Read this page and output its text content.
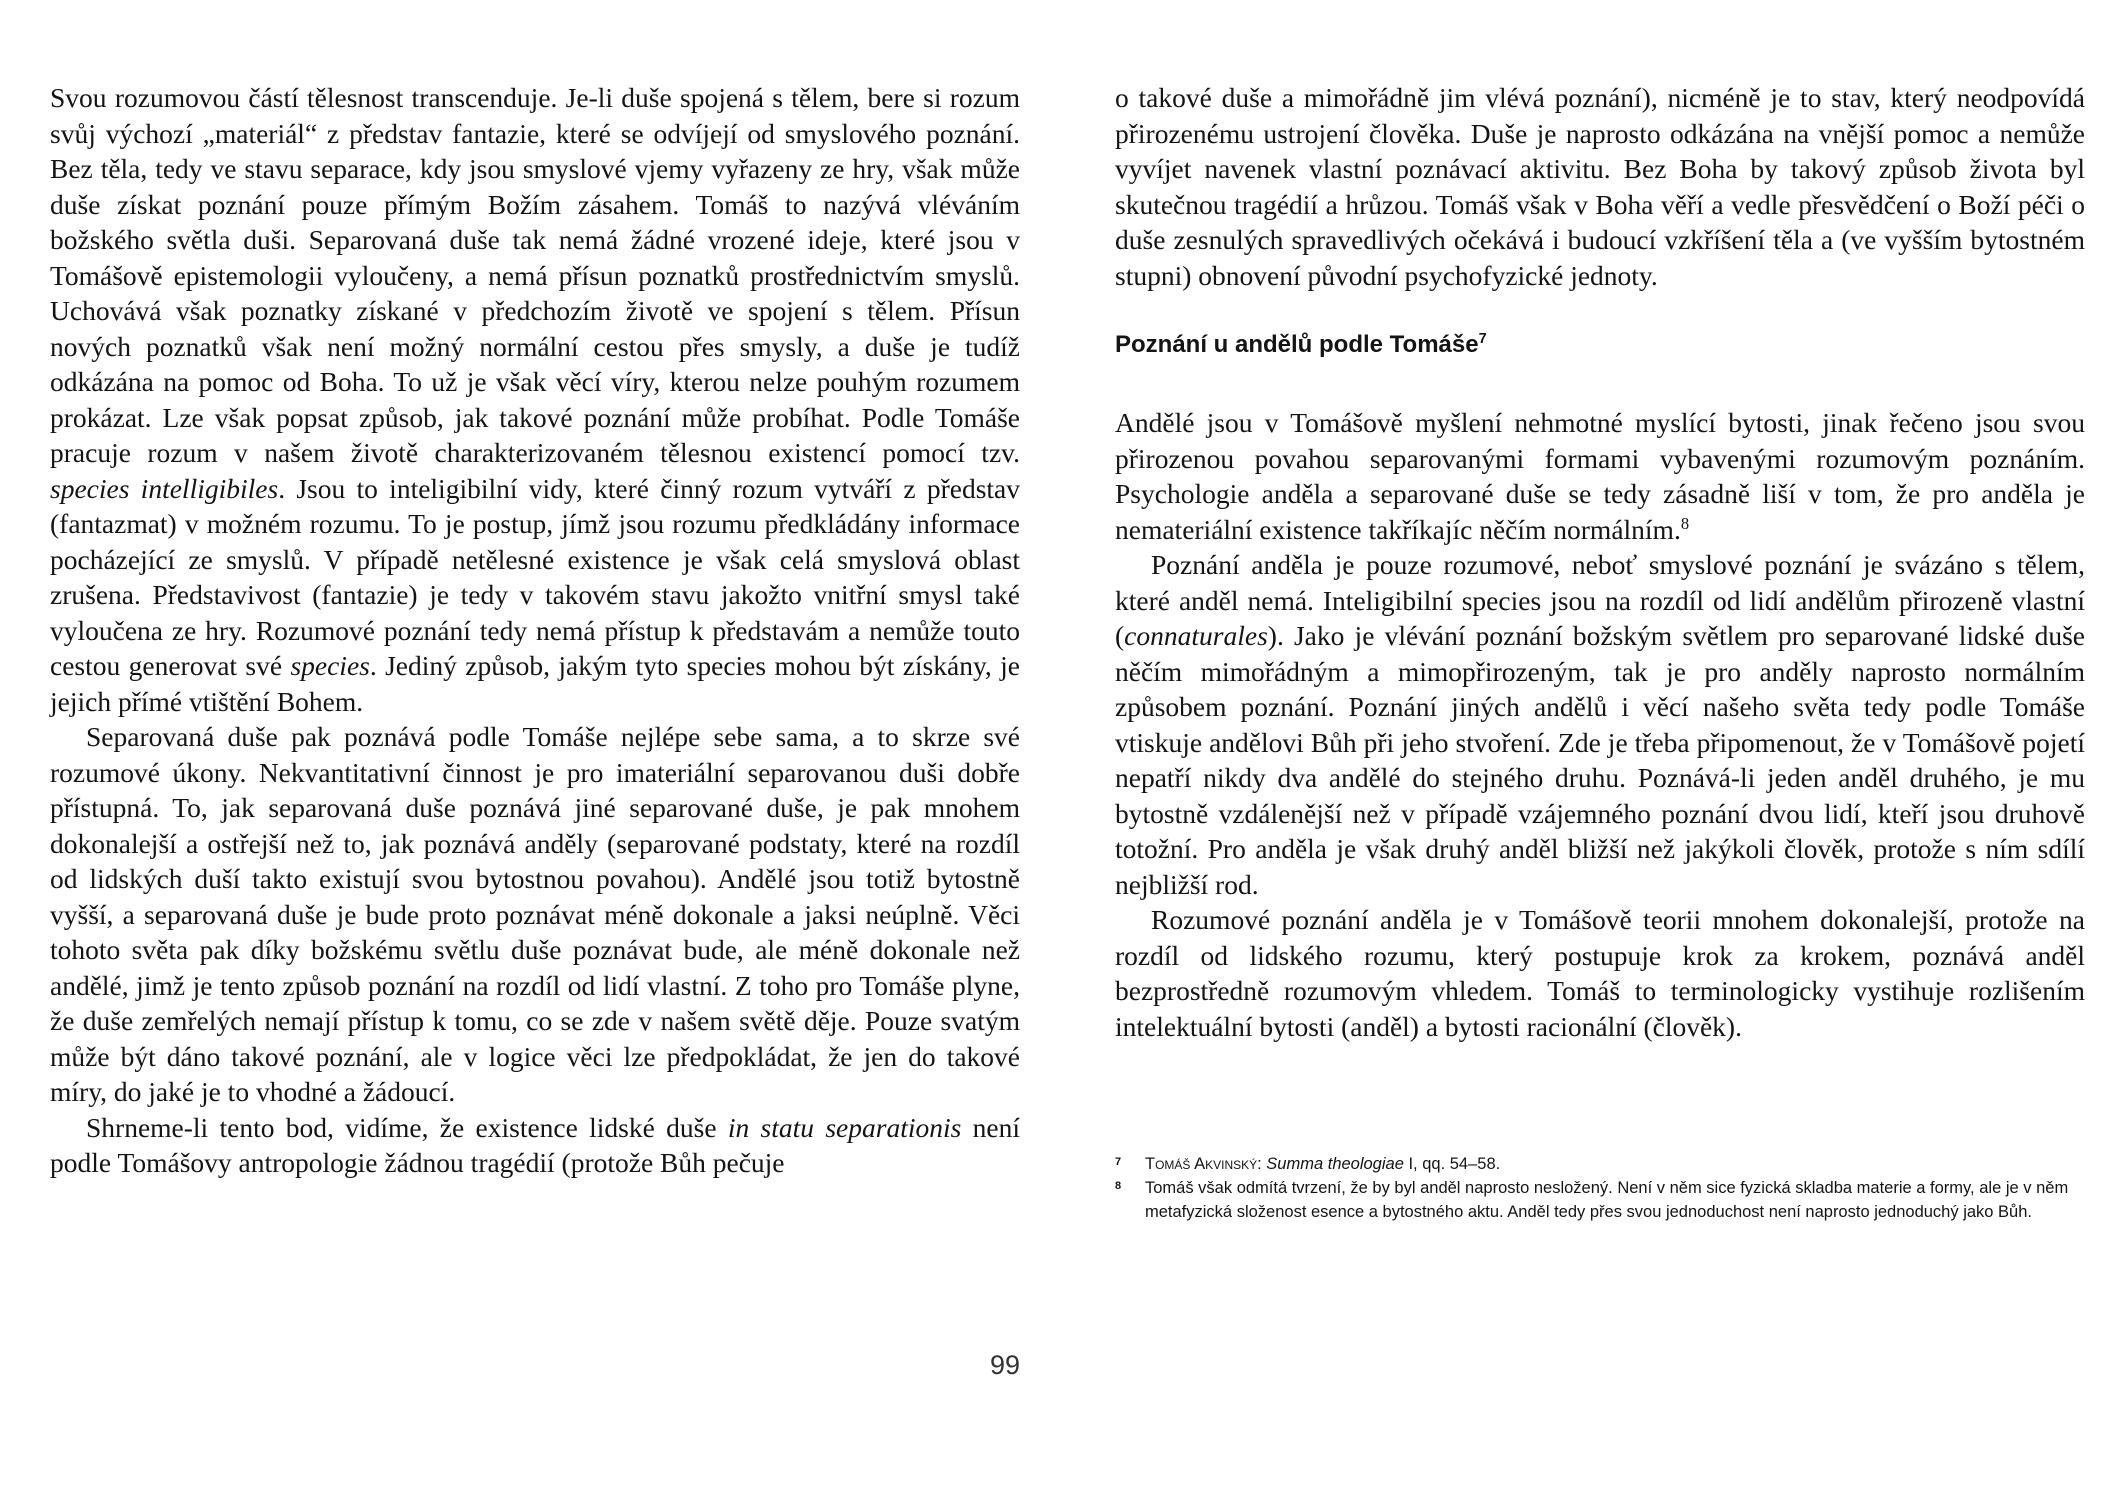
Svou rozumovou částí tělesnost transcenduje. Je-li duše spojená s tělem, bere si rozum svůj výchozí „materiál“ z představ fantazie, které se odvíjejí od smyslového poznání. Bez těla, tedy ve stavu separace, kdy jsou smyslové vjemy vyřazeny ze hry, však může duše získat poznání pouze přímým Božím zásahem. Tomáš to nazývá vléváním božského světla duši. Separovaná duše tak nemá žádné vrozené ideje, které jsou v Tomášově epistemologii vyloučeny, a nemá přísun poznatků prostřednictvím smyslů. Uchovává však poznatky získané v předchozím životě ve spojení s tělem. Přísun nových poznatků však není možný normální cestou přes smysly, a duše je tudíž odkázána na pomoc od Boha. To už je však věcí víry, kterou nelze pouhým rozumem prokázat. Lze však popsat způsob, jak takové poznání může probíhat. Podle Tomáše pracuje rozum v našem životě charakterizovaném tělesnou existencí pomocí tzv. species intelligibiles. Jsou to inteligibilní vidy, které činný rozum vytváří z představ (fantazmat) v možném rozumu. To je postup, jímž jsou rozumu předkládány informace pocházející ze smyslů. V případě netělesné existence je však celá smyslová oblast zrušena. Představivost (fantazie) je tedy v takovém stavu jakožto vnitřní smysl také vyloučena ze hry. Rozumové poznání tedy nemá přístup k představám a nemůže touto cestou generovat své species. Jediný způsob, jakým tyto species mohou být získány, je jejich přímé vtištění Bohem.

Separovaná duše pak poznává podle Tomáše nejlépe sebe sama, a to skrze své rozumové úkony. Nekvantitativní činnost je pro imateriální separovanou duši dobře přístupná. To, jak separovaná duše poznává jiné separované duše, je pak mnohem dokonalejší a ostřejší než to, jak poznává anděly (separované podstaty, které na rozdíl od lidských duší takto existují svou bytostnou povahou). Andělé jsou totiž bytostně vyšší, a separovaná duše je bude proto poznávat méně dokonale a jaksi neúplně. Věci tohoto světa pak díky božskému světlu duše poznávat bude, ale méně dokonale než andělé, jimž je tento způsob poznání na rozdíl od lidí vlastní. Z toho pro Tomáše plyne, že duše zemřelých nemají přístup k tomu, co se zde v našem světě děje. Pouze svatým může být dáno takové poznání, ale v logice věci lze předpokládat, že jen do takové míry, do jaké je to vhodné a žádoucí.

Shrneme-li tento bod, vidíme, že existence lidské duše in statu separationis není podle Tomášovy antropologie žádnou tragédií (protože Bůh pečuje

o takové duše a mimořádně jim vlévá poznání), nicméně je to stav, který neodpovídá přirozenému ustrojení člověka. Duše je naprosto odkázána na vnější pomoc a nemůže vyvíjet navenek vlastní poznávací aktivitu. Bez Boha by takový způsob života byl skutečnou tragédií a hrůzou. Tomáš však v Boha věří a vedle přesvědčení o Boží péči o duše zesnulých spravedlivých očekává i budoucí vzkříšení těla a (ve vyšším bytostném stupni) obnovení původní psychofyzické jednoty.

Poznání u andělů podle Tomáše$^7$

Andělé jsou v Tomášově myšlení nehmotné myslící bytosti, jinak řečeno jsou svou přirozenou povahou separovanými formami vybavenými rozumovým poznáním. Psychologie anděla a separované duše se tedy zásadně liší v tom, že pro anděla je nemateriální existence takříkajíc něčím normálním.$^8$

Poznání anděla je pouze rozumové, neboť smyslové poznání je svázáno s tělem, které anděl nemá. Inteligibilní species jsou na rozdíl od lidí andělům přirozeně vlastní (connaturales). Jako je vlévání poznání božským světlem pro separované lidské duše něčím mimořádným a mimopřirozeným, tak je pro anděly naprosto normálním způsobem poznání. Poznání jiných andělů i věcí našeho světa tedy podle Tomáše vtiskuje andělovi Bůh při jeho stvoření. Zde je třeba připomenout, že v Tomášově pojetí nepatří nikdy dva andělé do stejného druhu. Poznává-li jeden anděl druhého, je mu bytostně vzdálenější než v případě vzájemného poznání dvou lidí, kteří jsou druhově totožní. Pro anděla je však druhý anděl bližší než jakýkoli člověk, protože s ním sdílí nejbližší rod.

Rozumové poznání anděla je v Tomášově teorii mnohem dokonalejší, protože na rozdíl od lidského rozumu, který postupuje krok za krokem, poznává anděl bezprostředně rozumovým vhledem. Tomáš to terminologicky vystihuje rozlišením intelektuální bytosti (anděl) a bytosti racionální (člověk).

7 Tomáš Akvinský: Summa theologiae I, qq. 54–58.

8 Tomáš však odmítá tvrzení, že by byl anděl naprosto nesložený. Není v něm sice fyzická skladba materie a formy, ale je v něm metafyzická složenost esence a bytostného aktu. Anděl tedy přes svou jednoduchost není naprosto jednoduchý jako Bůh.

99
